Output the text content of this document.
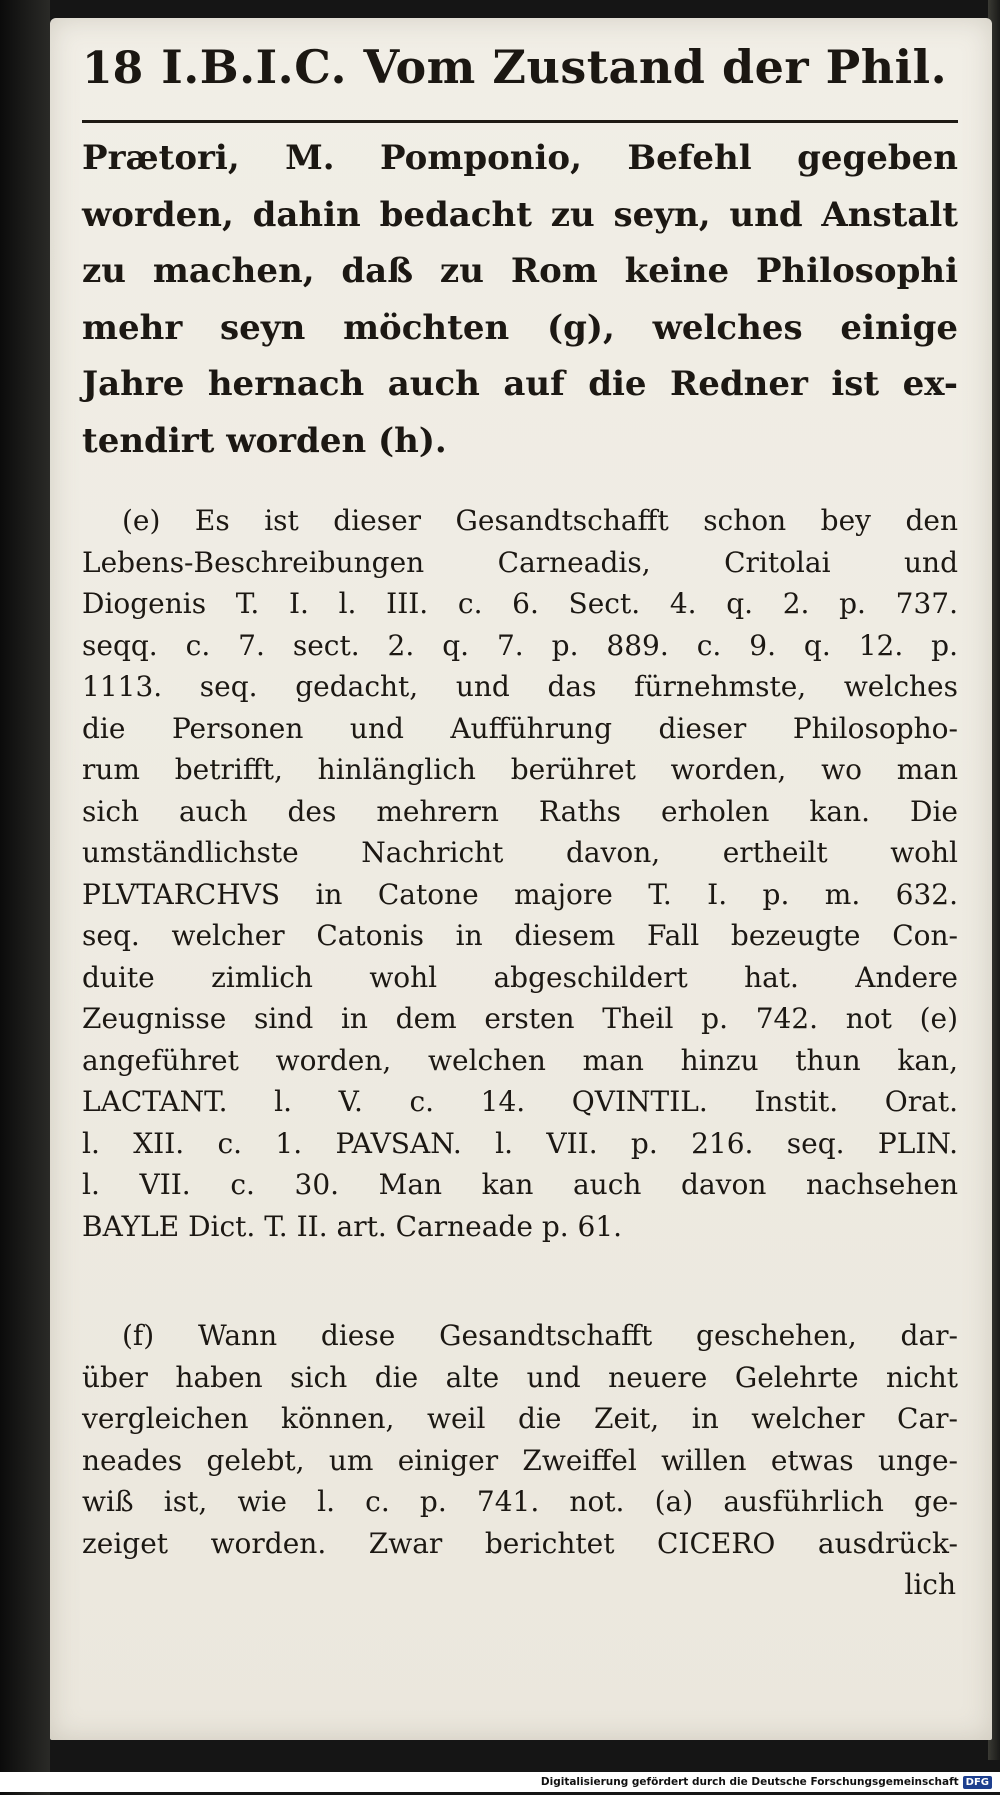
18 I.B.I.C. Vom Zustand der Phil.
Prætori, M. Pomponio, Befehl gegeben
worden, dahin bedacht zu seyn, und Anstalt
zu machen, daß zu Rom keine Philosophi
mehr seyn möchten (g), welches einige
Jahre hernach auch auf die Redner ist ex-
tendirt worden (h).
(e) Es ist dieser Gesandtschafft schon bey den
Lebens-Beschreibungen Carneadis, Critolai und
Diogenis T. I. l. III. c. 6. Sect. 4. q. 2. p. 737.
seqq. c. 7. sect. 2. q. 7. p. 889. c. 9. q. 12. p.
1113. seq. gedacht, und das fürnehmste, welches
die Personen und Aufführung dieser Philosopho-
rum betrifft, hinlänglich berühret worden, wo man
sich auch des mehrern Raths erholen kan. Die
umständlichste Nachricht davon, ertheilt wohl
PLVTARCHVS in Catone majore T. I. p. m. 632.
seq. welcher Catonis in diesem Fall bezeugte Con-
duite zimlich wohl abgeschildert hat. Andere
Zeugnisse sind in dem ersten Theil p. 742. not (e)
angeführet worden, welchen man hinzu thun kan,
LACTANT. l. V. c. 14. QVINTIL. Instit. Orat.
l. XII. c. 1. PAVSAN. l. VII. p. 216. seq. PLIN.
l. VII. c. 30. Man kan auch davon nachsehen
BAYLE Dict. T. II. art. Carneade p. 61.
(f) Wann diese Gesandtschafft geschehen, dar-
über haben sich die alte und neuere Gelehrte nicht
vergleichen können, weil die Zeit, in welcher Car-
neades gelebt, um einiger Zweiffel willen etwas unge-
wiß ist, wie l. c. p. 741. not. (a) ausführlich ge-
zeiget worden. Zwar berichtet CICERO ausdrück-
lich
Digitalisierung gefördert durch die Deutsche Forschungsgemeinschaft DFG
